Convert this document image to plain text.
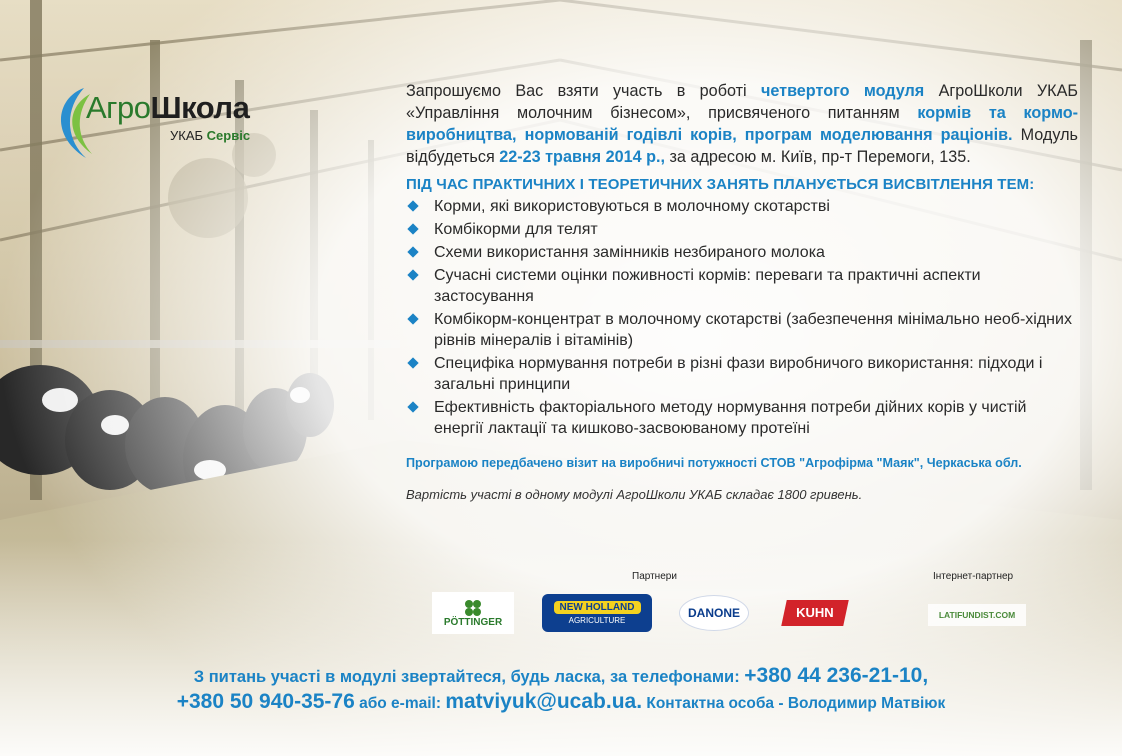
АгроШкола
УКАБ Сервіс

Запрошуємо Вас взяти участь в роботі четвертого модуля АгроШколи УКАБ «Управління молочним бізнесом», присвяченого питанням кормів та кормо-виробництва, нормованій годівлі корів, програм моделювання раціонів. Модуль відбудеться 22-23 травня 2014 р., за адресою м. Київ, пр-т Перемоги, 135.

ПІД ЧАС ПРАКТИЧНИХ І ТЕОРЕТИЧНИХ ЗАНЯТЬ ПЛАНУЄТЬСЯ ВИСВІТЛЕННЯ ТЕМ:
Корми, які використовуються в молочному скотарстві
Комбікорми для телят
Схеми використання замінників незбираного молока
Сучасні системи оцінки поживності кормів: переваги та практичні аспекти застосування
Комбікорм-концентрат в молочному скотарстві (забезпечення мінімально необ-хідних рівнів мінералів і вітамінів)
Специфіка нормування потреби в різні фази виробничого використання: підходи і загальні принципи
Ефективність факторіального методу нормування потреби дійних корів у чистій енергії лактації та кишково-засвоюваному протеїні
Програмою передбачено візит на виробничі потужності СТОВ "Агрофірма "Маяк", Черкаська обл.
Вартість участі в одному модулі АгроШколи УКАБ складає 1800 гривень.
Партнери	Інтернет-партнер
PÖTTINGER
NEW HOLLAND
AGRICULTURE
DANONE	KUHN	LATIFUNDIST.COM
З питань участі в модулі звертайтеся, будь ласка, за телефонами: +380 44 236-21-10,
+380 50 940-35-76 або e-mail: matviyuk@ucab.ua. Контактна особа - Володимир Матвіюк
